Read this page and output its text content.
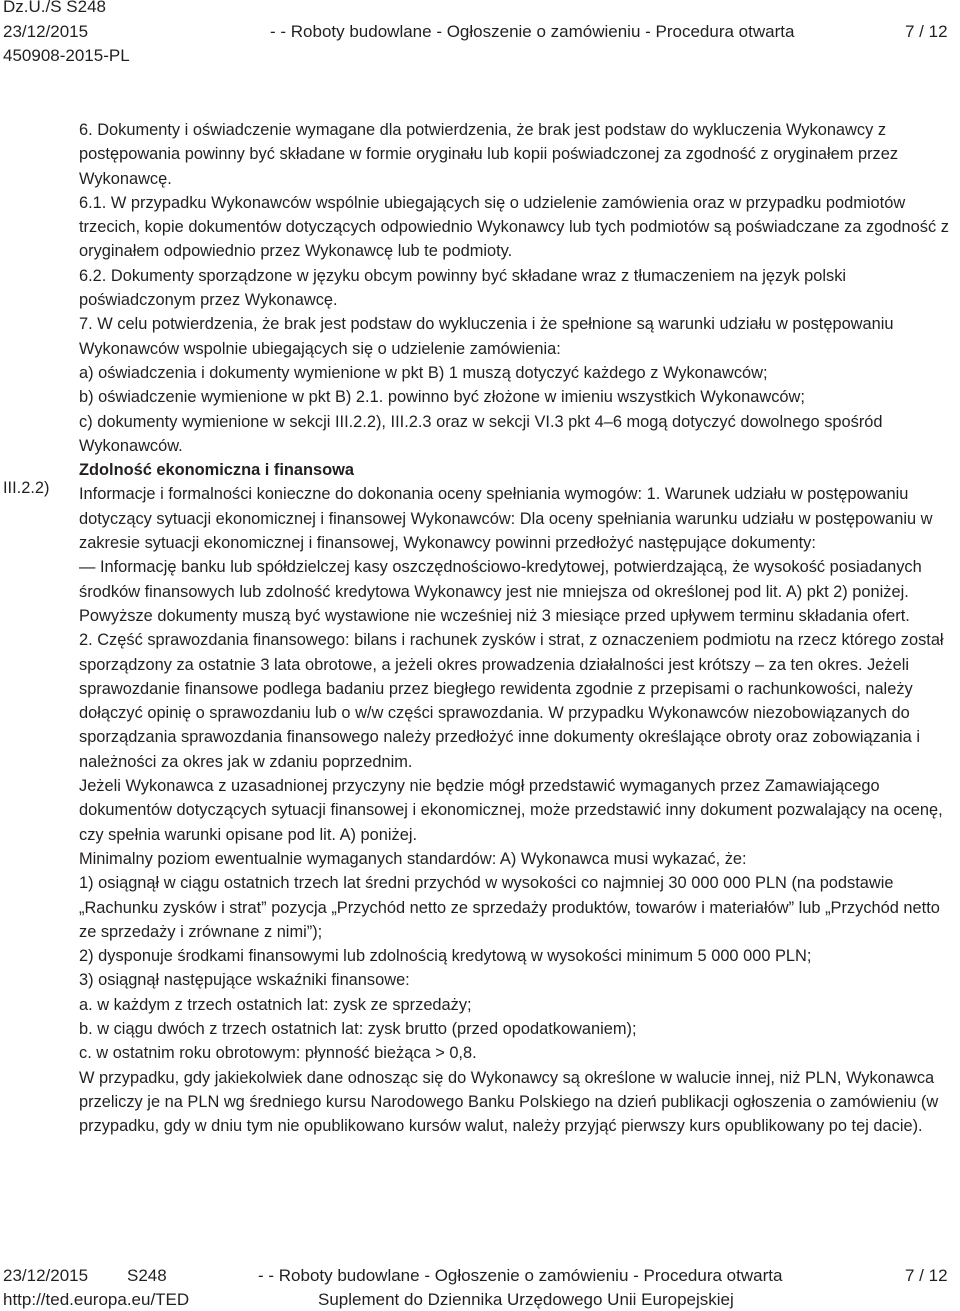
Dz.U./S S248
23/12/2015
450908-2015-PL
- - Roboty budowlane - Ogłoszenie o zamówieniu - Procedura otwarta	7 / 12
III.2.2)

6. Dokumenty i oświadczenie wymagane dla potwierdzenia, że brak jest podstaw do wykluczenia Wykonawcy z postępowania powinny być składane w formie oryginału lub kopii poświadczonej za zgodność z oryginałem przez Wykonawcę.

6.1. W przypadku Wykonawców wspólnie ubiegających się o udzielenie zamówienia oraz w przypadku podmiotów trzecich, kopie dokumentów dotyczących odpowiednio Wykonawcy lub tych podmiotów są poświadczane za zgodność z oryginałem odpowiednio przez Wykonawcę lub te podmioty.

6.2. Dokumenty sporządzone w języku obcym powinny być składane wraz z tłumaczeniem na język polski poświadczonym przez Wykonawcę.

7. W celu potwierdzenia, że brak jest podstaw do wykluczenia i że spełnione są warunki udziału w postępowaniu Wykonawców wspolnie ubiegających się o udzielenie zamówienia:

a) oświadczenia i dokumenty wymienione w pkt B) 1 muszą dotyczyć każdego z Wykonawców;

b) oświadczenie wymienione w pkt B) 2.1. powinno być złożone w imieniu wszystkich Wykonawców;

c) dokumenty wymienione w sekcji III.2.2), III.2.3 oraz w sekcji VI.3 pkt 4–6 mogą dotyczyć dowolnego spośród Wykonawców.

Zdolność ekonomiczna i finansowa

Informacje i formalności konieczne do dokonania oceny spełniania wymogów: 1. Warunek udziału w postępowaniu dotyczący sytuacji ekonomicznej i finansowej Wykonawców: Dla oceny spełniania warunku udziału w postępowaniu w zakresie sytuacji ekonomicznej i finansowej, Wykonawcy powinni przedłożyć następujące dokumenty:

— Informację banku lub spółdzielczej kasy oszczędnościowo-kredytowej, potwierdzającą, że wysokość posiadanych środków finansowych lub zdolność kredytowa Wykonawcy jest nie mniejsza od określonej pod lit. A) pkt 2) poniżej. Powyższe dokumenty muszą być wystawione nie wcześniej niż 3 miesiące przed upływem terminu składania ofert.

2. Część sprawozdania finansowego: bilans i rachunek zysków i strat, z oznaczeniem podmiotu na rzecz którego został sporządzony za ostatnie 3 lata obrotowe, a jeżeli okres prowadzenia działalności jest krótszy – za ten okres. Jeżeli sprawozdanie finansowe podlega badaniu przez biegłego rewidenta zgodnie z przepisami o rachunkowości, należy dołączyć opinię o sprawozdaniu lub o w/w części sprawozdania. W przypadku Wykonawców niezobowiązanych do sporządzania sprawozdania finansowego należy przedłożyć inne dokumenty określające obroty oraz zobowiązania i należności za okres jak w zdaniu poprzednim.

Jeżeli Wykonawca z uzasadnionej przyczyny nie będzie mógł przedstawić wymaganych przez Zamawiającego dokumentów dotyczących sytuacji finansowej i ekonomicznej, może przedstawić inny dokument pozwalający na ocenę, czy spełnia warunki opisane pod lit. A) poniżej.

Minimalny poziom ewentualnie wymaganych standardów: A) Wykonawca musi wykazać, że:

1) osiągnął w ciągu ostatnich trzech lat średni przychód w wysokości co najmniej 30 000 000 PLN (na podstawie „Rachunku zysków i strat” pozycja „Przychód netto ze sprzedaży produktów, towarów i materiałów” lub „Przychód netto ze sprzedaży i zrównane z nimi”);

2) dysponuje środkami finansowymi lub zdolnością kredytową w wysokości minimum 5 000 000 PLN;

3) osiągnął następujące wskaźniki finansowe:

a. w każdym z trzech ostatnich lat: zysk ze sprzedaży;

b. w ciągu dwóch z trzech ostatnich lat: zysk brutto (przed opodatkowaniem);

c. w ostatnim roku obrotowym: płynność bieżąca > 0,8.

W przypadku, gdy jakiekolwiek dane odnosząc się do Wykonawcy są określone w walucie innej, niż PLN, Wykonawca przeliczy je na PLN wg średniego kursu Narodowego Banku Polskiego na dzień publikacji ogłoszenia o zamówieniu (w przypadku, gdy w dniu tym nie opublikowano kursów walut, należy przyjąć pierwszy kurs opublikowany po tej dacie).

23/12/2015 S248	- - Roboty budowlane - Ogłoszenie o zamówieniu - Procedura otwarta	7 / 12
http://ted.europa.eu/TED	Suplement do Dziennika Urzędowego Unii Europejskiej
